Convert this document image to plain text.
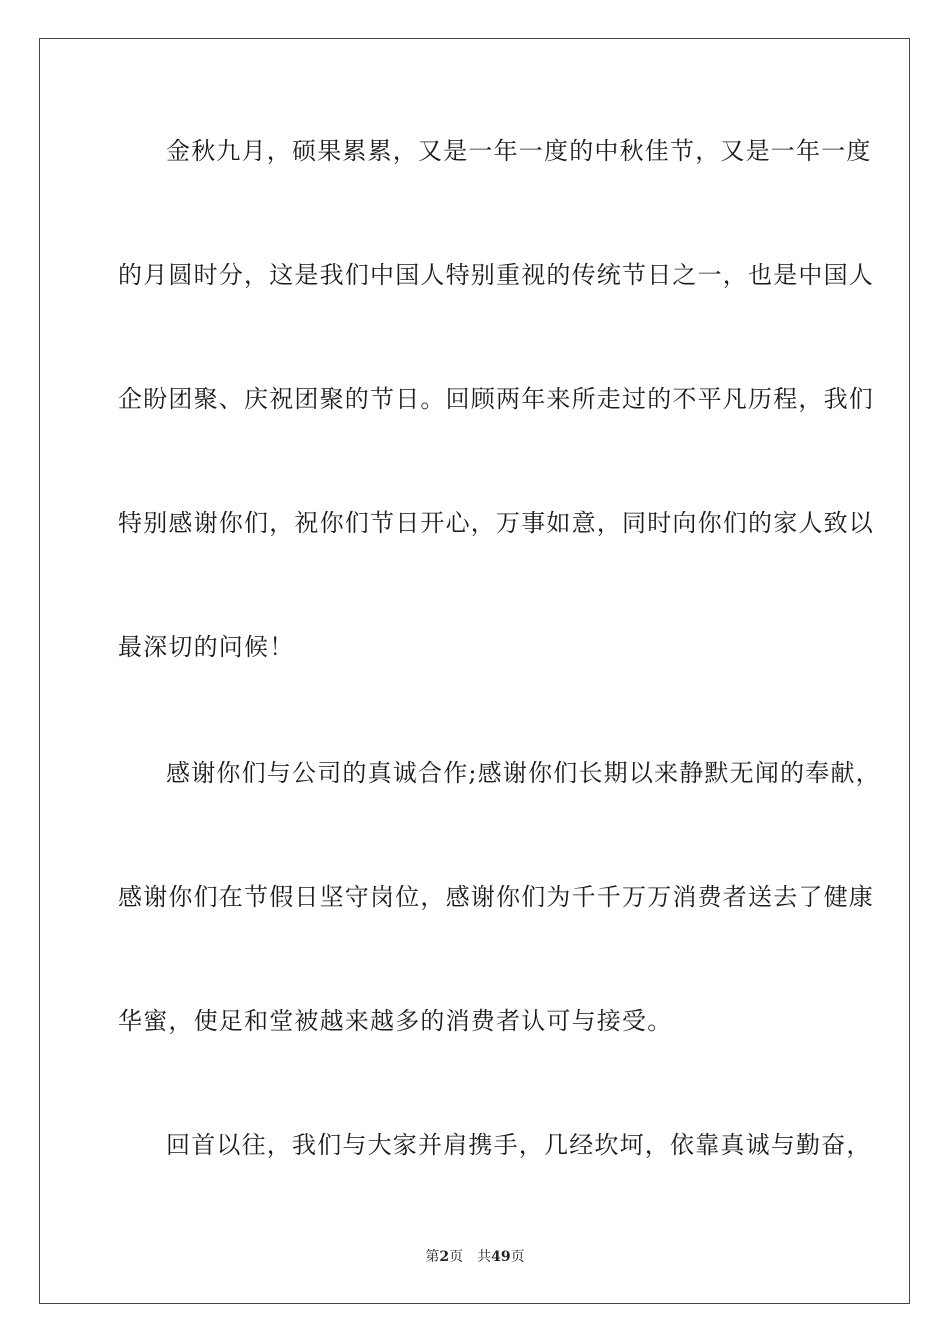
金秋九月，硕果累累，又是一年一度的中秋佳节，又是一年一度
的月圆时分，这是我们中国人特别重视的传统节日之一，也是中国人
企盼团聚、庆祝团聚的节日。回顾两年来所走过的不平凡历程，我们
特别感谢你们，祝你们节日开心，万事如意，同时向你们的家人致以
最深切的问候！
感谢你们与公司的真诚合作;感谢你们长期以来静默无闻的奉献，
感谢你们在节假日坚守岗位，感谢你们为千千万万消费者送去了健康
华蜜，使足和堂被越来越多的消费者认可与接受。
回首以往，我们与大家并肩携手，几经坎坷，依靠真诚与勤奋，
第2页 共49页
